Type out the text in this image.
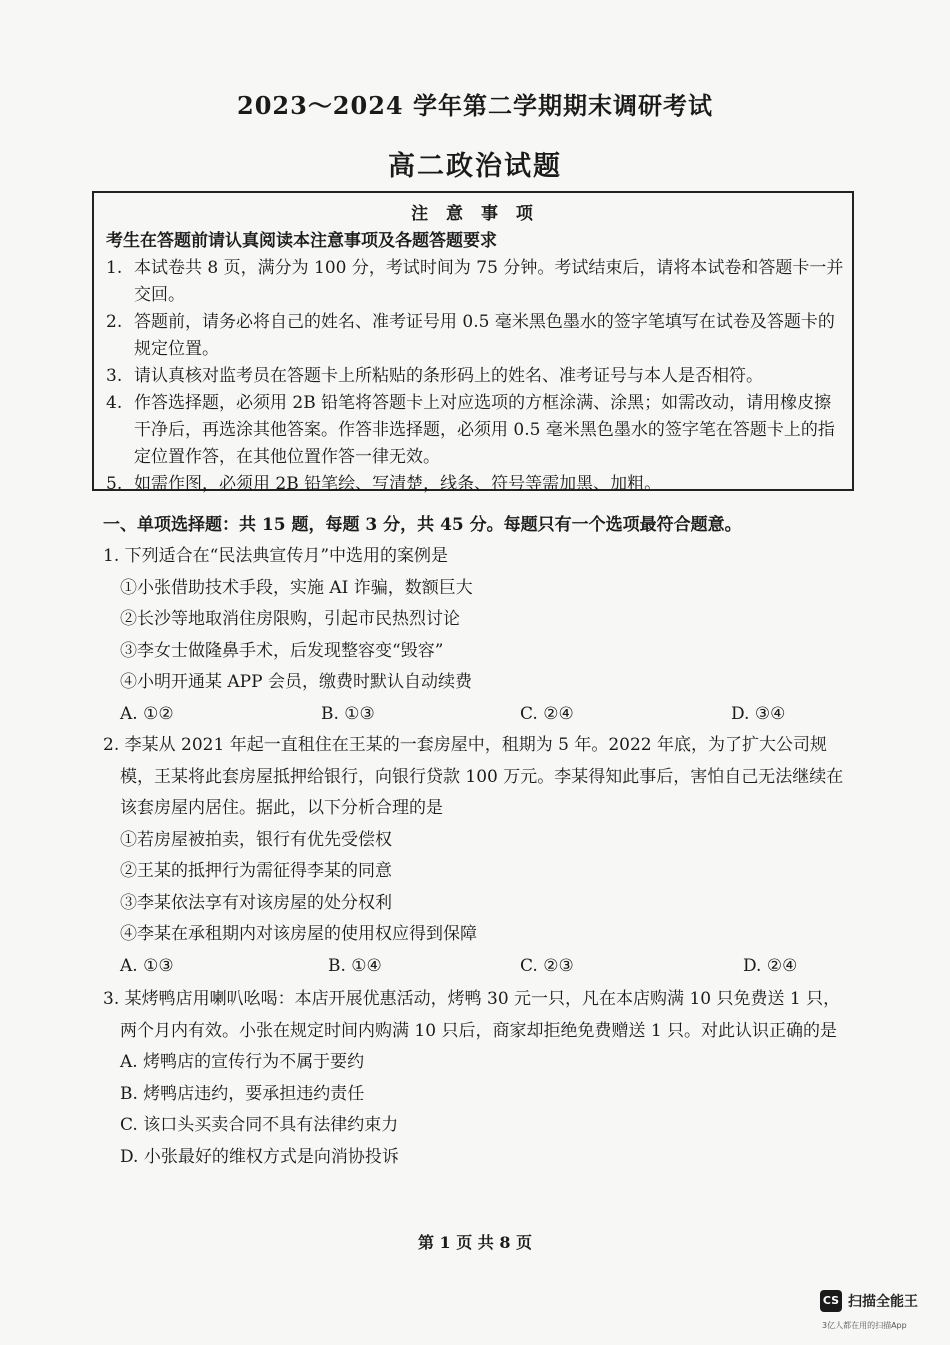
2023～2024 学年第二学期期末调研考试
高二政治试题
注 意 事 项
考生在答题前请认真阅读本注意事项及各题答题要求
1. 本试卷共 8 页，满分为 100 分，考试时间为 75 分钟。考试结束后，请将本试卷和答题卡一并交回。
2. 答题前，请务必将自己的姓名、准考证号用 0.5 毫米黑色墨水的签字笔填写在试卷及答题卡的规定位置。
3. 请认真核对监考员在答题卡上所粘贴的条形码上的姓名、准考证号与本人是否相符。
4. 作答选择题，必须用 2B 铅笔将答题卡上对应选项的方框涂满、涂黑；如需改动，请用橡皮擦干净后，再选涂其他答案。作答非选择题，必须用 0.5 毫米黑色墨水的签字笔在答题卡上的指定位置作答，在其他位置作答一律无效。
5. 如需作图，必须用 2B 铅笔绘、写清楚，线条、符号等需加黑、加粗。
一、单项选择题：共 15 题，每题 3 分，共 45 分。每题只有一个选项最符合题意。
1. 下列适合在“民法典宣传月”中选用的案例是
①小张借助技术手段，实施 AI 诈骗，数额巨大
②长沙等地取消住房限购，引起市民热烈讨论
③李女士做隆鼻手术，后发现整容变“毁容”
④小明开通某 APP 会员，缴费时默认自动续费
A. ①②	B. ①③	C. ②④	D. ③④
2. 李某从 2021 年起一直租住在王某的一套房屋中，租期为 5 年。2022 年底，为了扩大公司规模，王某将此套房屋抵押给银行，向银行贷款 100 万元。李某得知此事后，害怕自己无法继续在该套房屋内居住。据此，以下分析合理的是
①若房屋被拍卖，银行有优先受偿权
②王某的抵押行为需征得李某的同意
③李某依法享有对该房屋的处分权利
④李某在承租期内对该房屋的使用权应得到保障
A. ①③	B. ①④	C. ②③	D. ②④
3. 某烤鸭店用喇叭吆喝：本店开展优惠活动，烤鸭 30 元一只，凡在本店购满 10 只免费送 1 只，两个月内有效。小张在规定时间内购满 10 只后，商家却拒绝免费赠送 1 只。对此认识正确的是
A. 烤鸭店的宣传行为不属于要约
B. 烤鸭店违约，要承担违约责任
C. 该口头买卖合同不具有法律约束力
D. 小张最好的维权方式是向消协投诉
第 1 页 共 8 页
CS 扫描全能王
3亿人都在用的扫描App
